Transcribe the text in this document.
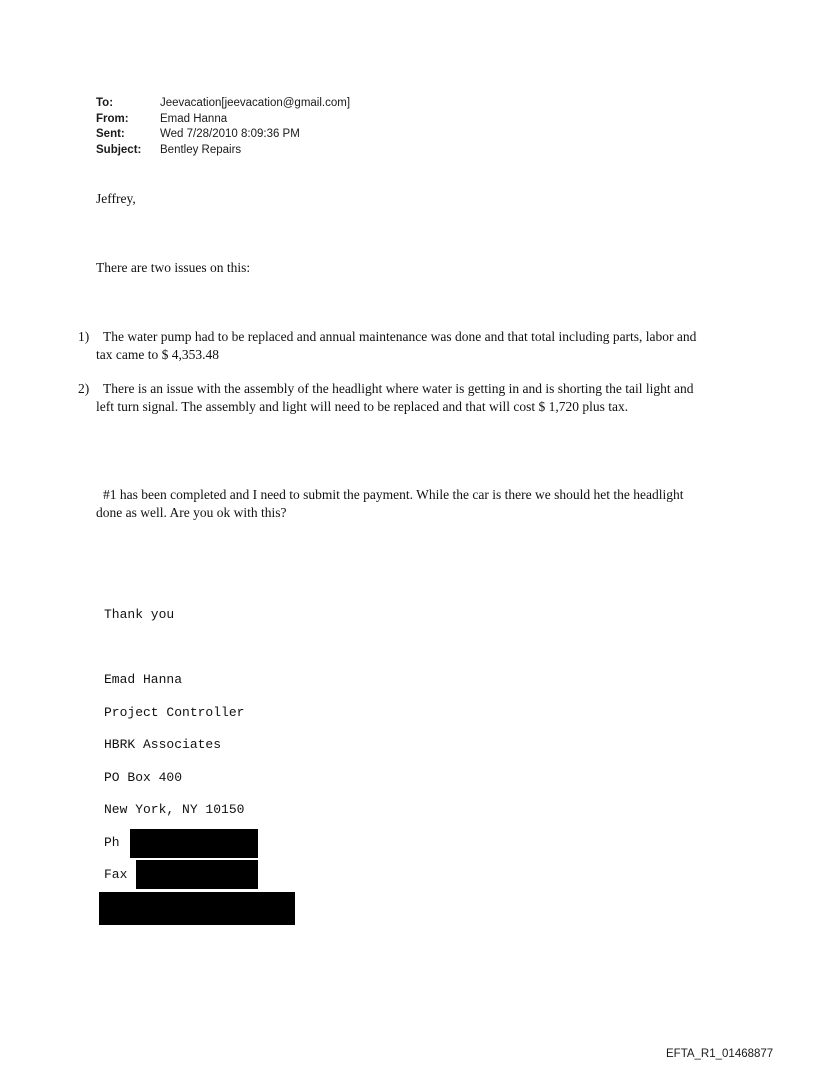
To:	Jeevacation[jeevacation@gmail.com]
From:	Emad Hanna
Sent:	Wed 7/28/2010 8:09:36 PM
Subject: Bentley Repairs

Jeffrey,

There are two issues on this:

1) The water pump had to be replaced and annual maintenance was done and that total including parts, labor and tax came to $ 4,353.48

2) There is an issue with the assembly of the headlight where water is getting in and is shorting the tail light and left turn signal. The assembly and light will need to be replaced and that will cost $ 1,720 plus tax.

#1 has been completed and I need to submit the payment. While the car is there we should het the headlight done as well. Are you ok with this?

Thank you

Emad Hanna

Project Controller

HBRK Associates

PO Box 400

New York, NY 10150

Ph

Fax

EFTA_R1_01468877
